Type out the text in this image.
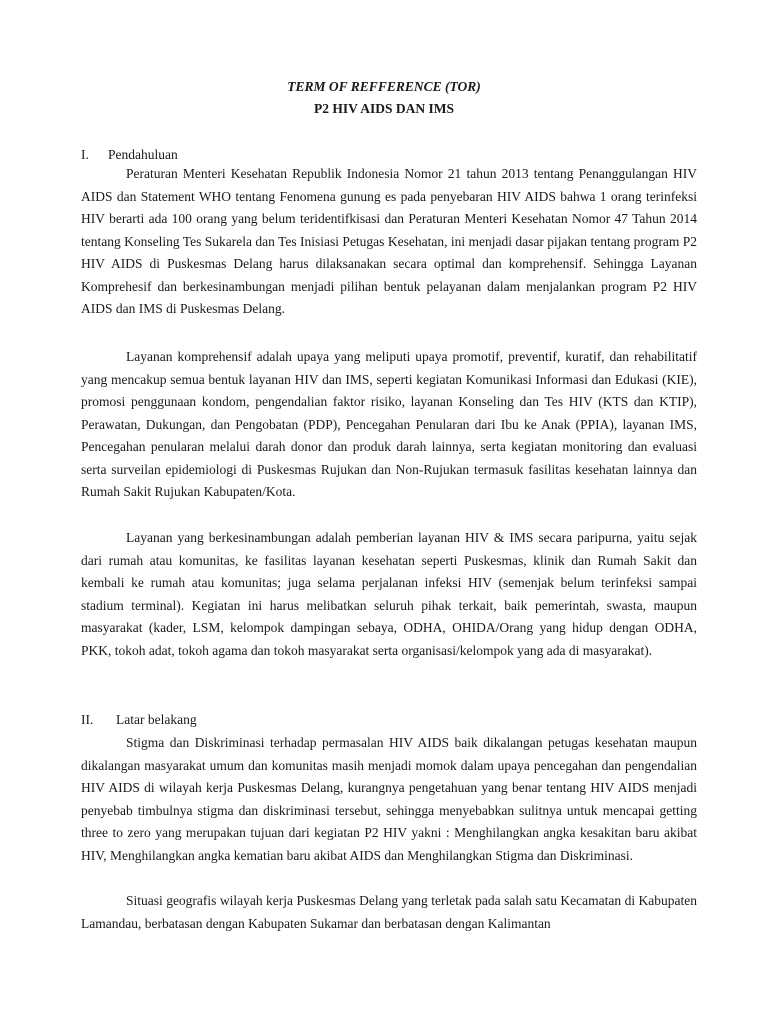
TERM OF REFFERENCE (TOR)
P2 HIV AIDS DAN IMS
I. Pendahuluan

Peraturan Menteri Kesehatan Republik Indonesia Nomor 21 tahun 2013 tentang Penanggulangan HIV AIDS dan Statement WHO tentang Fenomena gunung es pada penyebaran HIV AIDS bahwa 1 orang terinfeksi HIV berarti ada 100 orang yang belum teridentifkisasi dan Peraturan Menteri Kesehatan Nomor 47 Tahun 2014 tentang Konseling Tes Sukarela dan Tes Inisiasi Petugas Kesehatan, ini menjadi dasar pijakan tentang program P2 HIV AIDS di Puskesmas Delang harus dilaksanakan secara optimal dan komprehensif. Sehingga Layanan Komprehesif dan berkesinambungan menjadi pilihan bentuk pelayanan dalam menjalankan program P2 HIV AIDS dan IMS di Puskesmas Delang.

Layanan komprehensif adalah upaya yang meliputi upaya promotif, preventif, kuratif, dan rehabilitatif yang mencakup semua bentuk layanan HIV dan IMS, seperti kegiatan Komunikasi Informasi dan Edukasi (KIE), promosi penggunaan kondom, pengendalian faktor risiko, layanan Konseling dan Tes HIV (KTS dan KTIP), Perawatan, Dukungan, dan Pengobatan (PDP), Pencegahan Penularan dari Ibu ke Anak (PPIA), layanan IMS, Pencegahan penularan melalui darah donor dan produk darah lainnya, serta kegiatan monitoring dan evaluasi serta surveilan epidemiologi di Puskesmas Rujukan dan Non-Rujukan termasuk fasilitas kesehatan lainnya dan Rumah Sakit Rujukan Kabupaten/Kota.

Layanan yang berkesinambungan adalah pemberian layanan HIV & IMS secara paripurna, yaitu sejak dari rumah atau komunitas, ke fasilitas layanan kesehatan seperti Puskesmas, klinik dan Rumah Sakit dan kembali ke rumah atau komunitas; juga selama perjalanan infeksi HIV (semenjak belum terinfeksi sampai stadium terminal). Kegiatan ini harus melibatkan seluruh pihak terkait, baik pemerintah, swasta, maupun masyarakat (kader, LSM, kelompok dampingan sebaya, ODHA, OHIDA/Orang yang hidup dengan ODHA, PKK, tokoh adat, tokoh agama dan tokoh masyarakat serta organisasi/kelompok yang ada di masyarakat).

II. Latar belakang

Stigma dan Diskriminasi terhadap permasalan HIV AIDS baik dikalangan petugas kesehatan maupun dikalangan masyarakat umum dan komunitas masih menjadi momok dalam upaya pencegahan dan pengendalian HIV AIDS di wilayah kerja Puskesmas Delang, kurangnya pengetahuan yang benar tentang HIV AIDS menjadi penyebab timbulnya stigma dan diskriminasi tersebut, sehingga menyebabkan sulitnya untuk mencapai getting three to zero yang merupakan tujuan dari kegiatan P2 HIV yakni : Menghilangkan angka kesakitan baru akibat HIV, Menghilangkan angka kematian baru akibat AIDS dan Menghilangkan Stigma dan Diskriminasi.

Situasi geografis wilayah kerja Puskesmas Delang yang terletak pada salah satu Kecamatan di Kabupaten Lamandau, berbatasan dengan Kabupaten Sukamar dan berbatasan dengan Kalimantan
